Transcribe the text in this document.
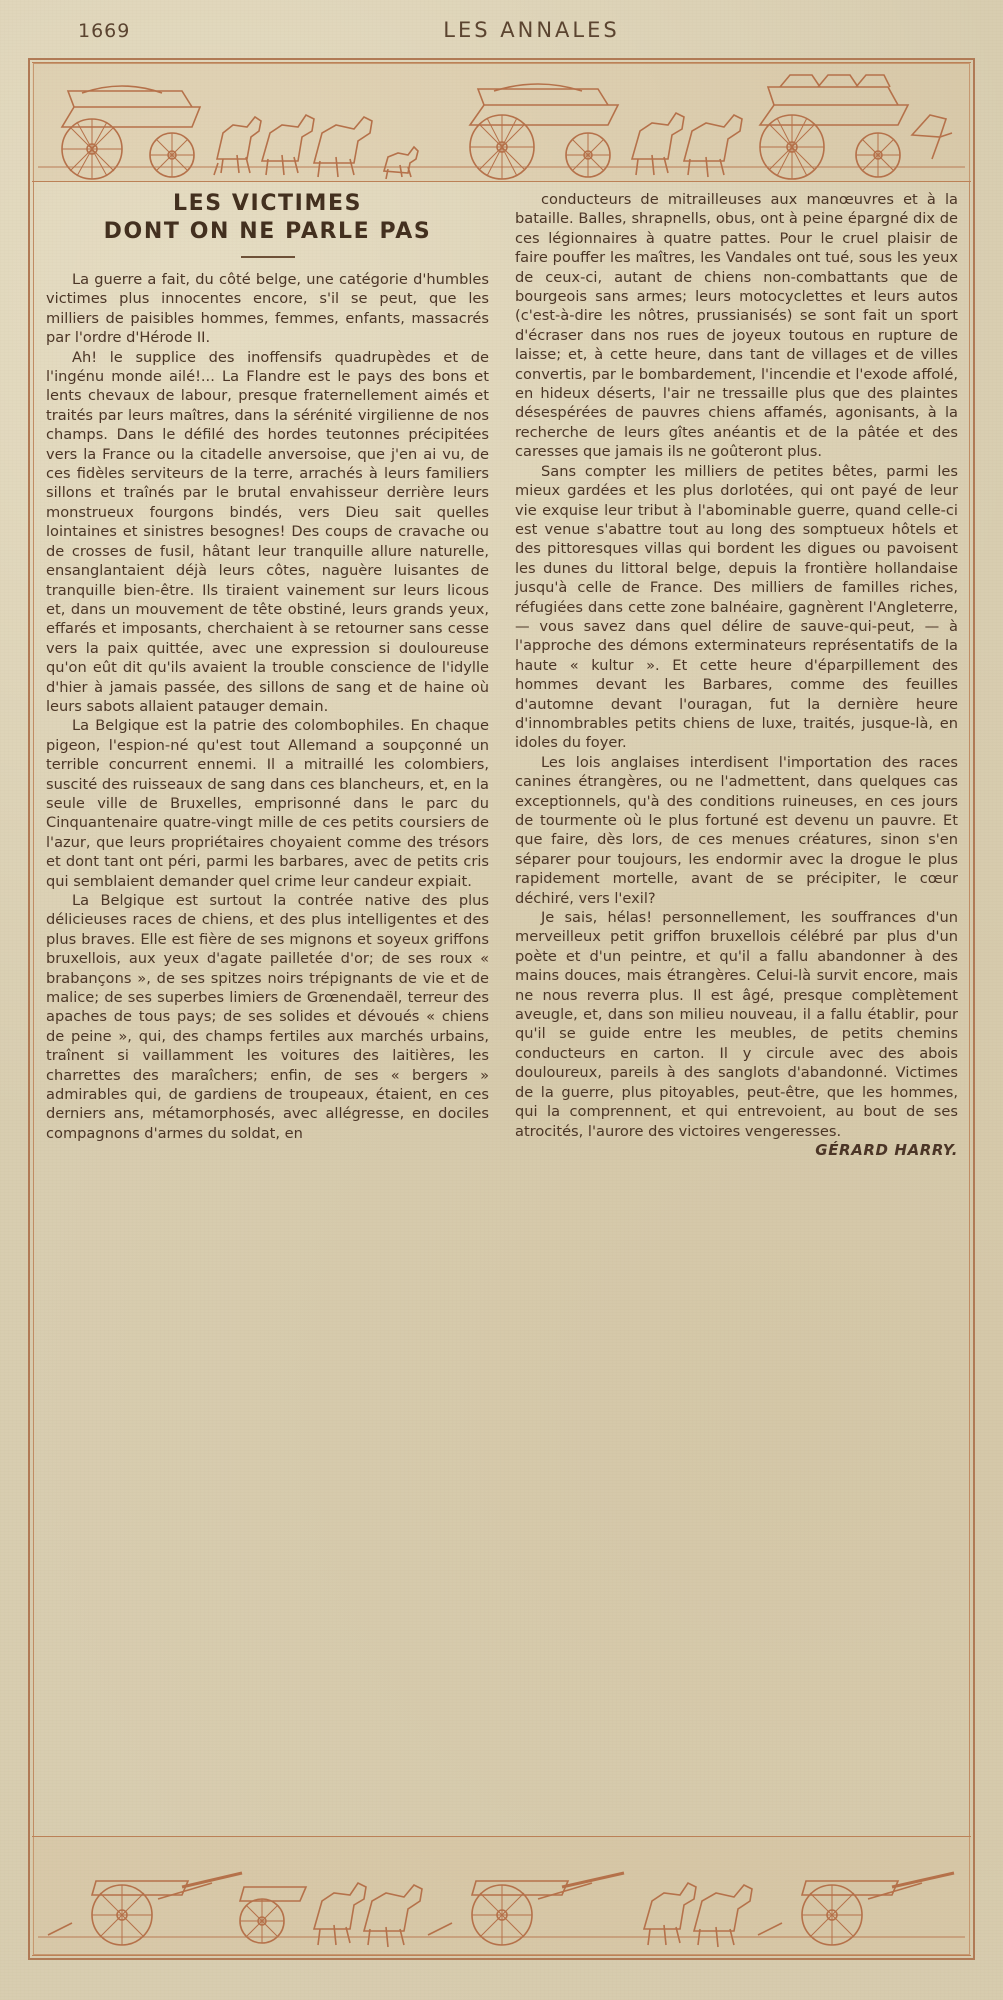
1669	LES ANNALES
LES VICTIMES
DONT ON NE PARLE PAS

La guerre a fait, du côté belge, une catégorie d'humbles victimes plus innocentes encore, s'il se peut, que les milliers de paisibles hommes, femmes, enfants, massacrés par l'ordre d'Hérode II.

Ah! le supplice des inoffensifs quadrupèdes et de l'ingénu monde ailé!... La Flandre est le pays des bons et lents chevaux de labour, presque fraternellement aimés et traités par leurs maîtres, dans la sérénité virgilienne de nos champs. Dans le défilé des hordes teutonnes précipitées vers la France ou la citadelle anversoise, que j'en ai vu, de ces fidèles serviteurs de la terre, arrachés à leurs familiers sillons et traînés par le brutal envahisseur derrière leurs monstrueux fourgons bindés, vers Dieu sait quelles lointaines et sinistres besognes! Des coups de cravache ou de crosses de fusil, hâtant leur tranquille allure naturelle, ensanglantaient déjà leurs côtes, naguère luisantes de tranquille bien-être. Ils tiraient vainement sur leurs licous et, dans un mouvement de tête obstiné, leurs grands yeux, effarés et imposants, cherchaient à se retourner sans cesse vers la paix quittée, avec une expression si douloureuse qu'on eût dit qu'ils avaient la trouble conscience de l'idylle d'hier à jamais passée, des sillons de sang et de haine où leurs sabots allaient patauger demain.

La Belgique est la patrie des colombophiles. En chaque pigeon, l'espion-né qu'est tout Allemand a soupçonné un terrible concurrent ennemi. Il a mitraillé les colombiers, suscité des ruisseaux de sang dans ces blancheurs, et, en la seule ville de Bruxelles, emprisonné dans le parc du Cinquantenaire quatre-vingt mille de ces petits coursiers de l'azur, que leurs propriétaires choyaient comme des trésors et dont tant ont péri, parmi les barbares, avec de petits cris qui semblaient demander quel crime leur candeur expiait.

La Belgique est surtout la contrée native des plus délicieuses races de chiens, et des plus intelligentes et des plus braves. Elle est fière de ses mignons et soyeux griffons bruxellois, aux yeux d'agate pailletée d'or; de ses roux « brabançons », de ses spitzes noirs trépignants de vie et de malice; de ses superbes limiers de Grœnendaël, terreur des apaches de tous pays; de ses solides et dévoués « chiens de peine », qui, des champs fertiles aux marchés urbains, traînent si vaillamment les voitures des laitières, les charrettes des maraîchers; enfin, de ses « bergers » admirables qui, de gardiens de troupeaux, étaient, en ces derniers ans, métamorphosés, avec allégresse, en dociles compagnons d'armes du soldat, en

conducteurs de mitrailleuses aux manœuvres et à la bataille. Balles, shrapnells, obus, ont à peine épargné dix de ces légionnaires à quatre pattes. Pour le cruel plaisir de faire pouffer les maîtres, les Vandales ont tué, sous les yeux de ceux-ci, autant de chiens non-combattants que de bourgeois sans armes; leurs motocyclettes et leurs autos (c'est-à-dire les nôtres, prussianisés) se sont fait un sport d'écraser dans nos rues de joyeux toutous en rupture de laisse; et, à cette heure, dans tant de villages et de villes convertis, par le bombardement, l'incendie et l'exode affolé, en hideux déserts, l'air ne tressaille plus que des plaintes désespérées de pauvres chiens affamés, agonisants, à la recherche de leurs gîtes anéantis et de la pâtée et des caresses que jamais ils ne goûteront plus.

Sans compter les milliers de petites bêtes, parmi les mieux gardées et les plus dorlotées, qui ont payé de leur vie exquise leur tribut à l'abominable guerre, quand celle-ci est venue s'abattre tout au long des somptueux hôtels et des pittoresques villas qui bordent les digues ou pavoisent les dunes du littoral belge, depuis la frontière hollandaise jusqu'à celle de France. Des milliers de familles riches, réfugiées dans cette zone balnéaire, gagnèrent l'Angleterre, — vous savez dans quel délire de sauve-qui-peut, — à l'approche des démons exterminateurs représentatifs de la haute « kultur ». Et cette heure d'éparpillement des hommes devant les Barbares, comme des feuilles d'automne devant l'ouragan, fut la dernière heure d'innombrables petits chiens de luxe, traités, jusque-là, en idoles du foyer.

Les lois anglaises interdisent l'importation des races canines étrangères, ou ne l'admettent, dans quelques cas exceptionnels, qu'à des conditions ruineuses, en ces jours de tourmente où le plus fortuné est devenu un pauvre. Et que faire, dès lors, de ces menues créatures, sinon s'en séparer pour toujours, les endormir avec la drogue le plus rapidement mortelle, avant de se précipiter, le cœur déchiré, vers l'exil?

Je sais, hélas! personnellement, les souffrances d'un merveilleux petit griffon bruxellois célébré par plus d'un poète et d'un peintre, et qu'il a fallu abandonner à des mains douces, mais étrangères. Celui-là survit encore, mais ne nous reverra plus. Il est âgé, presque complètement aveugle, et, dans son milieu nouveau, il a fallu établir, pour qu'il se guide entre les meubles, de petits chemins conducteurs en carton. Il y circule avec des abois douloureux, pareils à des sanglots d'abandonné. Victimes de la guerre, plus pitoyables, peut-être, que les hommes, qui la comprennent, et qui entrevoient, au bout de ses atrocités, l'aurore des victoires vengeresses.

GÉRARD HARRY.
